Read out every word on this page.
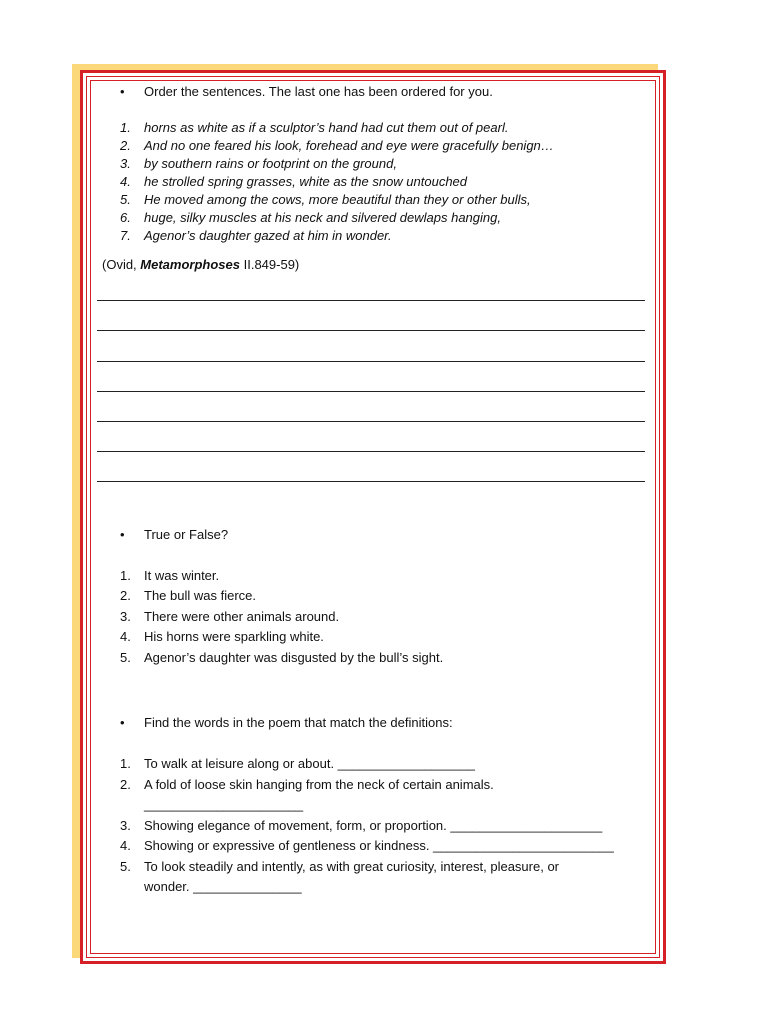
• Order the sentences. The last one has been ordered for you.
1. horns as white as if a sculptor’s hand had cut them out of pearl.
2. And no one feared his look, forehead and eye were gracefully benign…
3. by southern rains or footprint on the ground,
4. he strolled spring grasses, white as the snow untouched
5. He moved among the cows, more beautiful than they or other bulls,
6. huge, silky muscles at his neck and silvered dewlaps hanging,
7. Agenor’s daughter gazed at him in wonder.
(Ovid, Metamorphoses II.849-59)
• True or False?
1. It was winter.
2. The bull was fierce.
3. There were other animals around.
4. His horns were sparkling white.
5. Agenor’s daughter was disgusted by the bull’s sight.
• Find the words in the poem that match the definitions:
1. To walk at leisure along or about. ___________________
2. A fold of loose skin hanging from the neck of certain animals.
______________________
3. Showing elegance of movement, form, or proportion. _____________________
4. Showing or expressive of gentleness or kindness. _________________________
5. To look steadily and intently, as with great curiosity, interest, pleasure, or
wonder. _______________
